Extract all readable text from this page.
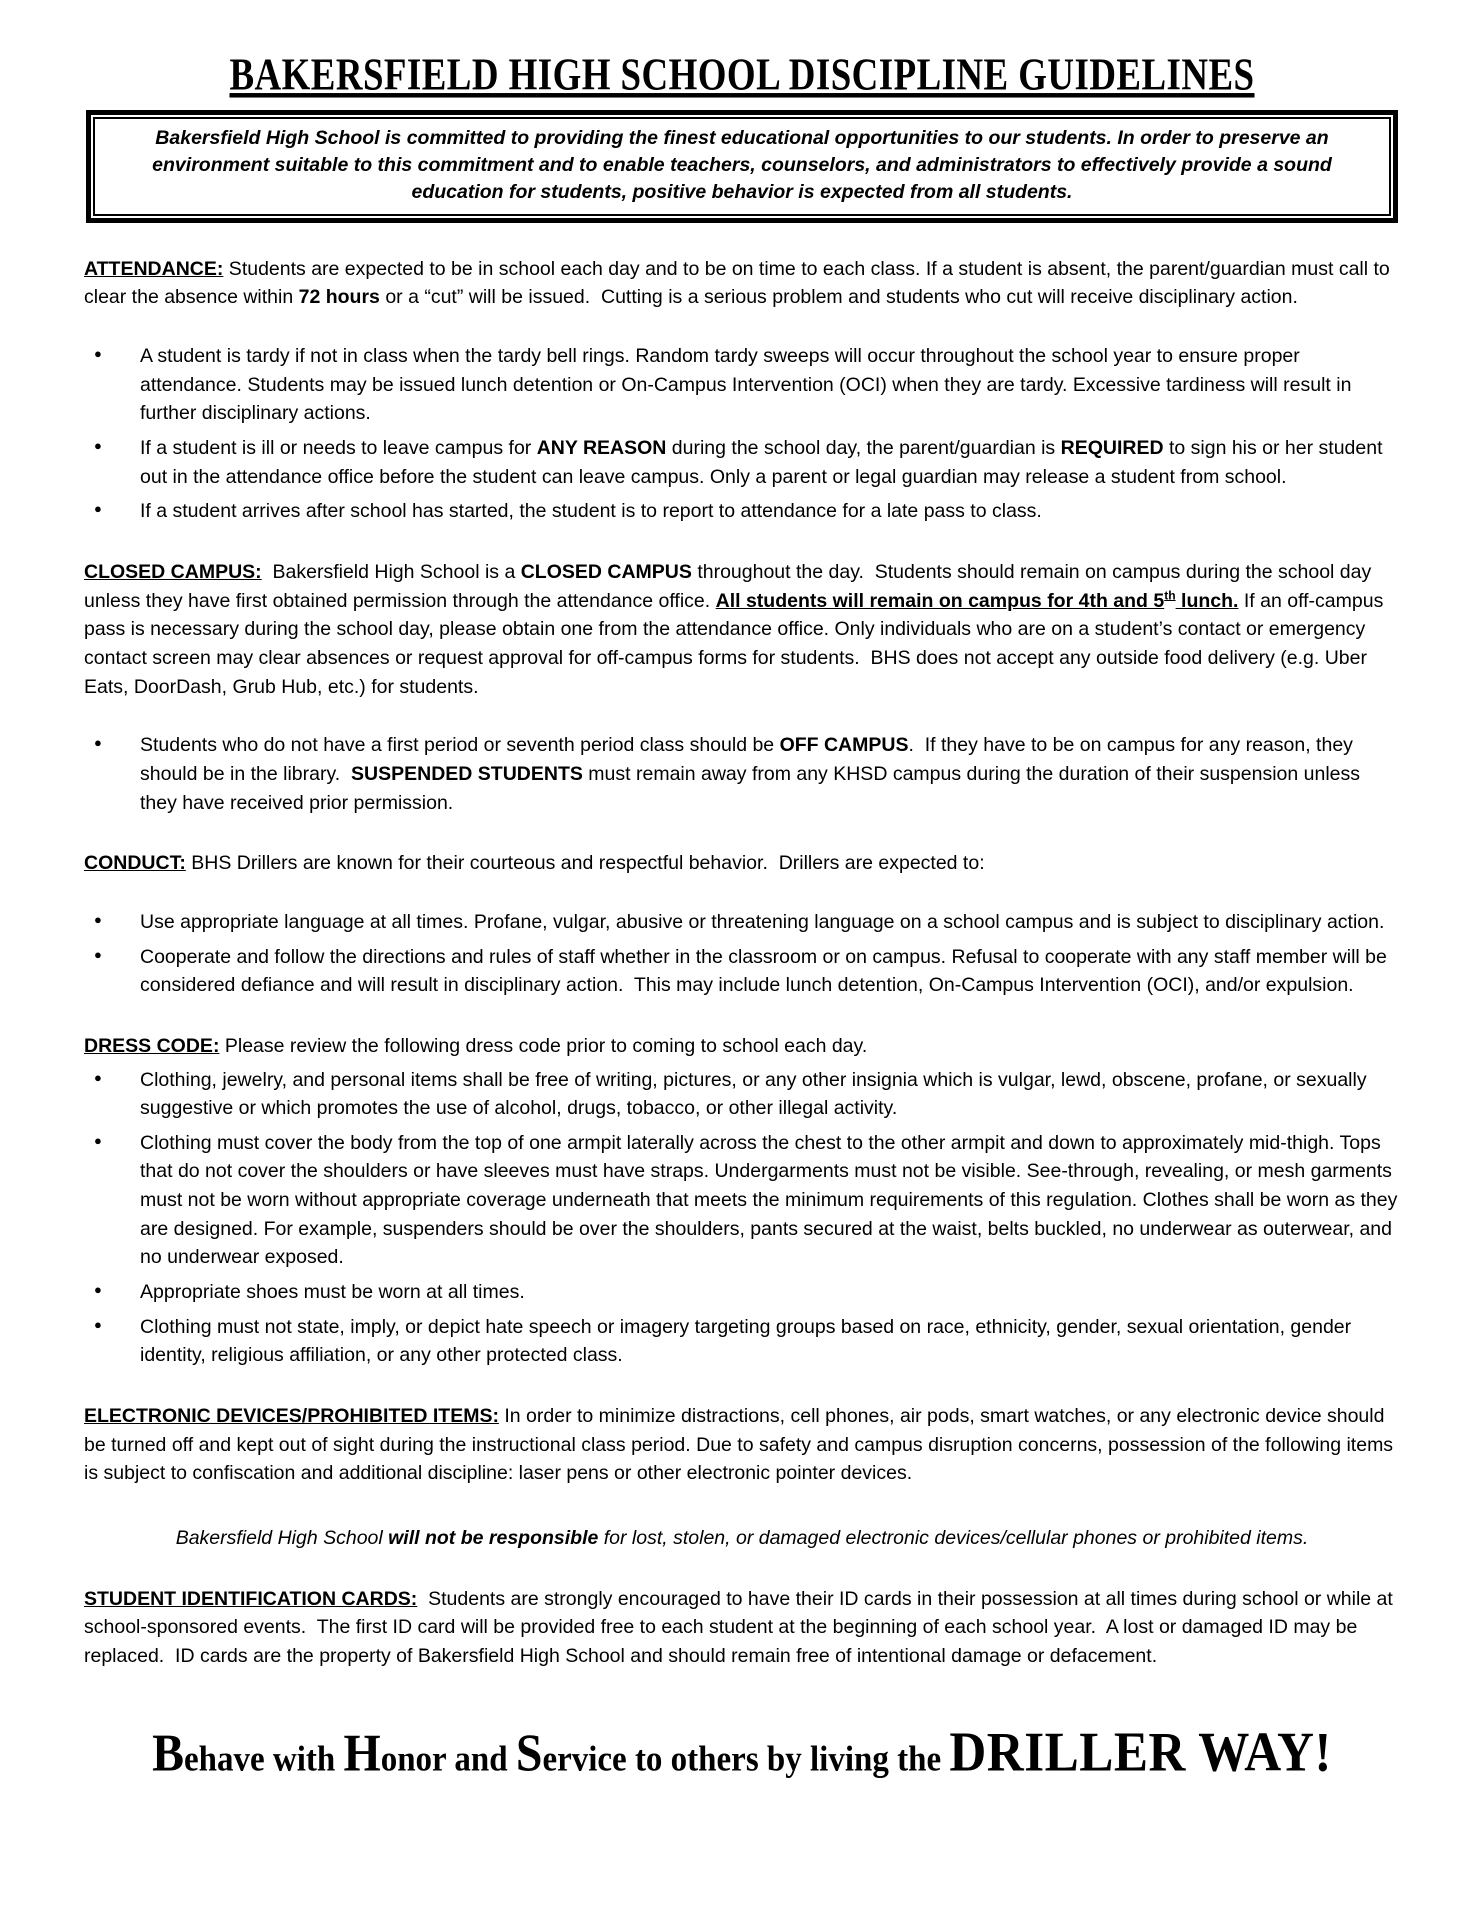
BAKERSFIELD HIGH SCHOOL DISCIPLINE GUIDELINES

Bakersfield High School is committed to providing the finest educational opportunities to our students. In order to preserve an environment suitable to this commitment and to enable teachers, counselors, and administrators to effectively provide a sound education for students, positive behavior is expected from all students.

ATTENDANCE: Students are expected to be in school each day and to be on time to each class. If a student is absent, the parent/guardian must call to clear the absence within 72 hours or a “cut” will be issued.  Cutting is a serious problem and students who cut will receive disciplinary action.

● A student is tardy if not in class when the tardy bell rings. Random tardy sweeps will occur throughout the school year to ensure proper attendance. Students may be issued lunch detention or On-Campus Intervention (OCI) when they are tardy. Excessive tardiness will result in further disciplinary actions.
● If a student is ill or needs to leave campus for ANY REASON during the school day, the parent/guardian is REQUIRED to sign his or her student out in the attendance office before the student can leave campus. Only a parent or legal guardian may release a student from school.
● If a student arrives after school has started, the student is to report to attendance for a late pass to class.

CLOSED CAMPUS:  Bakersfield High School is a CLOSED CAMPUS throughout the day.  Students should remain on campus during the school day unless they have first obtained permission through the attendance office. All students will remain on campus for 4th and 5th lunch. If an off-campus pass is necessary during the school day, please obtain one from the attendance office. Only individuals who are on a student’s contact or emergency contact screen may clear absences or request approval for off-campus forms for students.  BHS does not accept any outside food delivery (e.g. Uber Eats, DoorDash, Grub Hub, etc.) for students.

● Students who do not have a first period or seventh period class should be OFF CAMPUS.  If they have to be on campus for any reason, they should be in the library.  SUSPENDED STUDENTS must remain away from any KHSD campus during the duration of their suspension unless they have received prior permission.

CONDUCT: BHS Drillers are known for their courteous and respectful behavior.  Drillers are expected to:

● Use appropriate language at all times. Profane, vulgar, abusive or threatening language on a school campus and is subject to disciplinary action.
● Cooperate and follow the directions and rules of staff whether in the classroom or on campus. Refusal to cooperate with any staff member will be considered defiance and will result in disciplinary action.  This may include lunch detention, On-Campus Intervention (OCI), and/or expulsion.

DRESS CODE: Please review the following dress code prior to coming to school each day.

● Clothing, jewelry, and personal items shall be free of writing, pictures, or any other insignia which is vulgar, lewd, obscene, profane, or sexually suggestive or which promotes the use of alcohol, drugs, tobacco, or other illegal activity.
● Clothing must cover the body from the top of one armpit laterally across the chest to the other armpit and down to approximately mid-thigh. Tops that do not cover the shoulders or have sleeves must have straps. Undergarments must not be visible. See-through, revealing, or mesh garments must not be worn without appropriate coverage underneath that meets the minimum requirements of this regulation. Clothes shall be worn as they are designed. For example, suspenders should be over the shoulders, pants secured at the waist, belts buckled, no underwear as outerwear, and no underwear exposed.
● Appropriate shoes must be worn at all times.
● Clothing must not state, imply, or depict hate speech or imagery targeting groups based on race, ethnicity, gender, sexual orientation, gender identity, religious affiliation, or any other protected class.

ELECTRONIC DEVICES/PROHIBITED ITEMS: In order to minimize distractions, cell phones, air pods, smart watches, or any electronic device should be turned off and kept out of sight during the instructional class period. Due to safety and campus disruption concerns, possession of the following items is subject to confiscation and additional discipline: laser pens or other electronic pointer devices.

Bakersfield High School will not be responsible for lost, stolen, or damaged electronic devices/cellular phones or prohibited items.

STUDENT IDENTIFICATION CARDS:  Students are strongly encouraged to have their ID cards in their possession at all times during school or while at school-sponsored events.  The first ID card will be provided free to each student at the beginning of each school year.  A lost or damaged ID may be replaced.  ID cards are the property of Bakersfield High School and should remain free of intentional damage or defacement.

Behave with Honor and Service to others by living the DRILLER WAY!
